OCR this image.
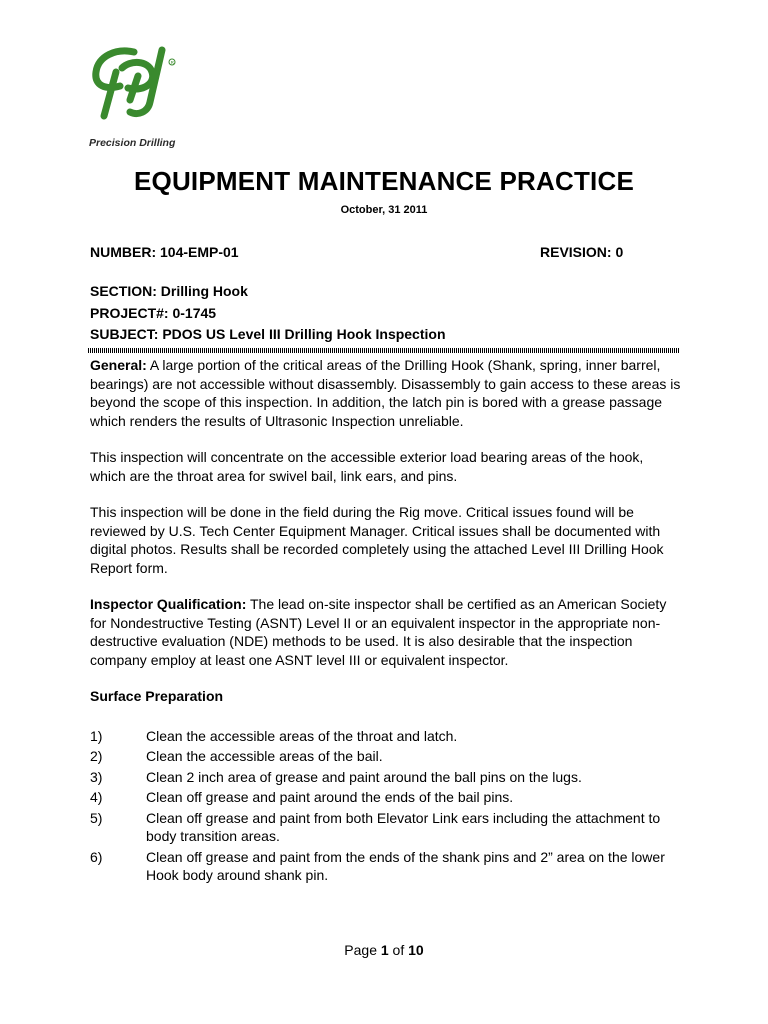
R
Precision Drilling
EQUIPMENT MAINTENANCE PRACTICE
October, 31 2011
NUMBER: 104-EMP-01	REVISION: 0
SECTION: Drilling Hook
PROJECT#: 0-1745
SUBJECT: PDOS US Level III Drilling Hook Inspection

General: A large portion of the critical areas of the Drilling Hook (Shank, spring, inner barrel, bearings) are not accessible without disassembly. Disassembly to gain access to these areas is beyond the scope of this inspection. In addition, the latch pin is bored with a grease passage which renders the results of Ultrasonic Inspection unreliable.

This inspection will concentrate on the accessible exterior load bearing areas of the hook, which are the throat area for swivel bail, link ears, and pins.

This inspection will be done in the field during the Rig move. Critical issues found will be reviewed by U.S. Tech Center Equipment Manager. Critical issues shall be documented with digital photos. Results shall be recorded completely using the attached Level III Drilling Hook Report form.

Inspector Qualification: The lead on-site inspector shall be certified as an American Society for Nondestructive Testing (ASNT) Level II or an equivalent inspector in the appropriate non-destructive evaluation (NDE) methods to be used. It is also desirable that the inspection company employ at least one ASNT level III or equivalent inspector.

Surface Preparation
1)	Clean the accessible areas of the throat and latch.
2)	Clean the accessible areas of the bail.
3)	Clean 2 inch area of grease and paint around the ball pins on the lugs.
4)	Clean off grease and paint around the ends of the bail pins.
5)	Clean off grease and paint from both Elevator Link ears including the attachment to body transition areas.
6)	Clean off grease and paint from the ends of the shank pins and 2” area on the lower Hook body around shank pin.
Page 1 of 10
